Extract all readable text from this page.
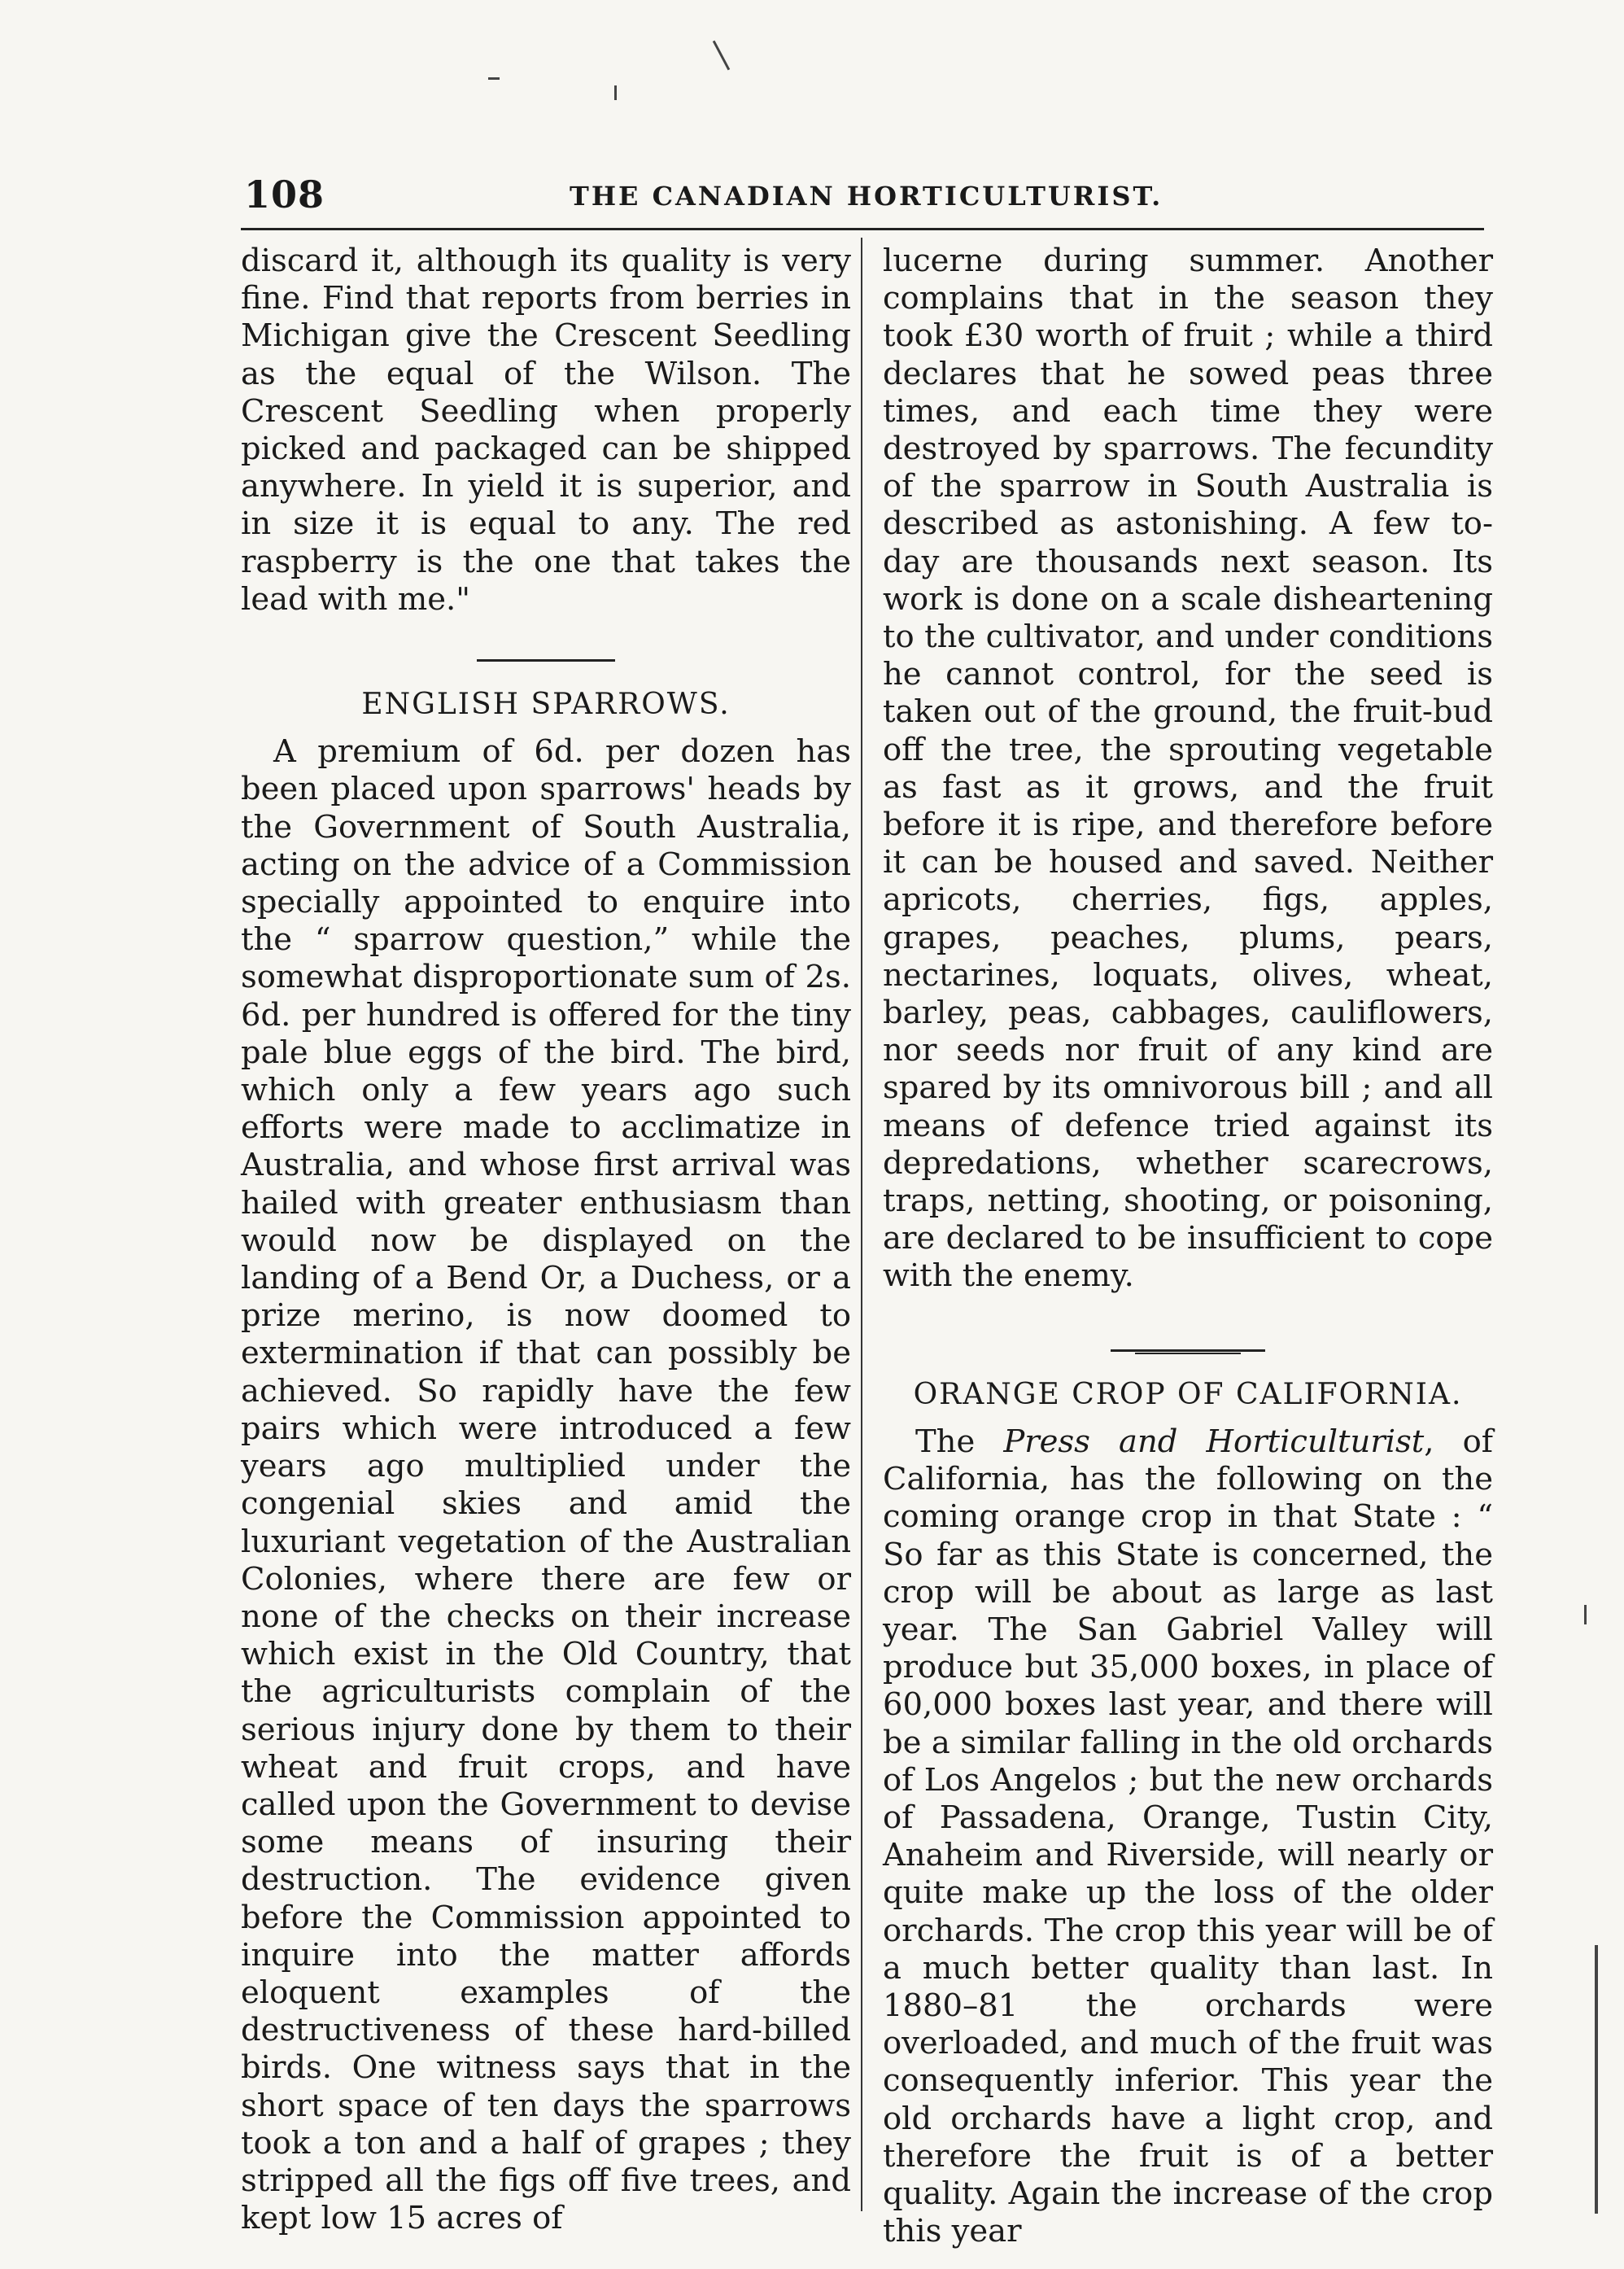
108	THE CANADIAN HORTICULTURIST.

discard it, although its quality is very fine. Find that reports from berries in Michigan give the Crescent Seedling as the equal of the Wilson. The Crescent Seedling when properly picked and packaged can be shipped anywhere. In yield it is superior, and in size it is equal to any. The red raspberry is the one that takes the lead with me."

ENGLISH SPARROWS.

A premium of 6d. per dozen has been placed upon sparrows' heads by the Government of South Australia, acting on the advice of a Commission specially appointed to enquire into the “ sparrow question,” while the somewhat disproportionate sum of 2s. 6d. per hundred is offered for the tiny pale blue eggs of the bird. The bird, which only a few years ago such efforts were made to acclimatize in Australia, and whose first arrival was hailed with greater enthusiasm than would now be displayed on the landing of a Bend Or, a Duchess, or a prize merino, is now doomed to extermination if that can possibly be achieved. So rapidly have the few pairs which were introduced a few years ago multiplied under the congenial skies and amid the luxuriant vegetation of the Australian Colonies, where there are few or none of the checks on their increase which exist in the Old Country, that the agriculturists complain of the serious injury done by them to their wheat and fruit crops, and have called upon the Government to devise some means of insuring their destruction. The evidence given before the Commission appointed to inquire into the matter affords eloquent examples of the destructiveness of these hard-billed birds. One witness says that in the short space of ten days the sparrows took a ton and a half of grapes ; they stripped all the figs off five trees, and kept low 15 acres of

lucerne during summer. Another complains that in the season they took £30 worth of fruit ; while a third declares that he sowed peas three times, and each time they were destroyed by sparrows. The fecundity of the sparrow in South Australia is described as astonishing. A few to-day are thousands next season. Its work is done on a scale disheartening to the cultivator, and under conditions he cannot control, for the seed is taken out of the ground, the fruit-bud off the tree, the sprouting vegetable as fast as it grows, and the fruit before it is ripe, and therefore before it can be housed and saved. Neither apricots, cherries, figs, apples, grapes, peaches, plums, pears, nectarines, loquats, olives, wheat, barley, peas, cabbages, cauliflowers, nor seeds nor fruit of any kind are spared by its omnivorous bill ; and all means of defence tried against its depredations, whether scarecrows, traps, netting, shooting, or poisoning, are declared to be insufficient to cope with the enemy.

ORANGE CROP OF CALIFORNIA.

The Press and Horticulturist, of California, has the following on the coming orange crop in that State : “ So far as this State is concerned, the crop will be about as large as last year. The San Gabriel Valley will produce but 35,000 boxes, in place of 60,000 boxes last year, and there will be a similar falling in the old orchards of Los Angelos ; but the new orchards of Passadena, Orange, Tustin City, Anaheim and Riverside, will nearly or quite make up the loss of the older orchards. The crop this year will be of a much better quality than last. In 1880–81 the orchards were overloaded, and much of the fruit was consequently inferior. This year the old orchards have a light crop, and therefore the fruit is of a better quality. Again the increase of the crop this year
